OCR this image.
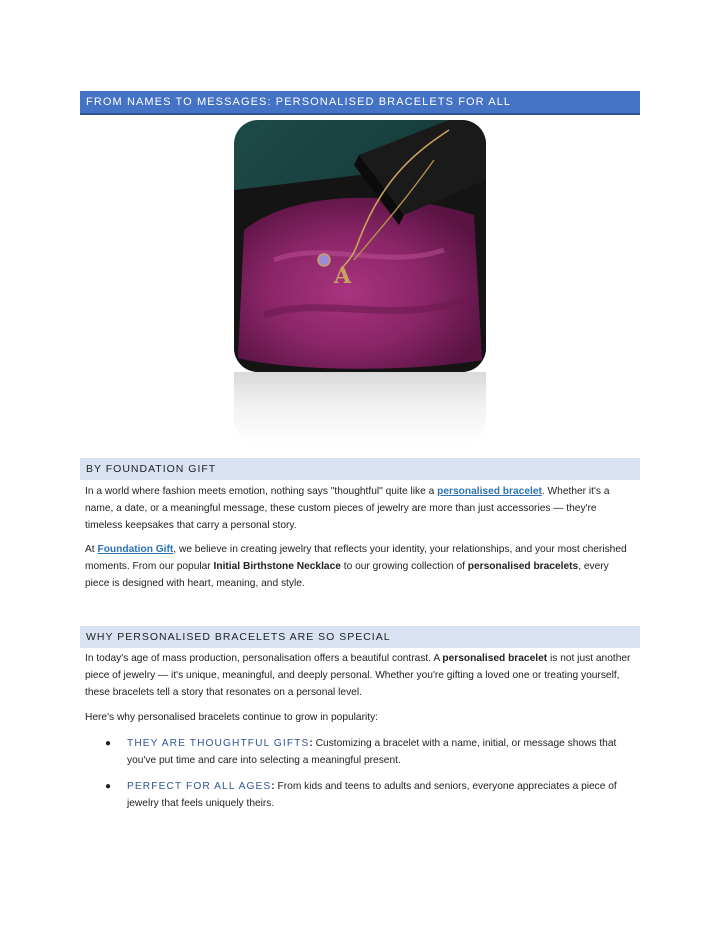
FROM NAMES TO MESSAGES: PERSONALISED BRACELETS FOR ALL
A
BY FOUNDATION GIFT

In a world where fashion meets emotion, nothing says "thoughtful" quite like a personalised bracelet. Whether it's a name, a date, or a meaningful message, these custom pieces of jewelry are more than just accessories — they're timeless keepsakes that carry a personal story.

At Foundation Gift, we believe in creating jewelry that reflects your identity, your relationships, and your most cherished moments. From our popular Initial Birthstone Necklace to our growing collection of personalised bracelets, every piece is designed with heart, meaning, and style.

WHY PERSONALISED BRACELETS ARE SO SPECIAL

In today's age of mass production, personalisation offers a beautiful contrast. A personalised bracelet is not just another piece of jewelry — it's unique, meaningful, and deeply personal. Whether you're gifting a loved one or treating yourself, these bracelets tell a story that resonates on a personal level.

Here's why personalised bracelets continue to grow in popularity:

●	THEY ARE THOUGHTFUL GIFTS: Customizing a bracelet with a name, initial, or message shows that you've put time and care into selecting a meaningful present.

●	PERFECT FOR ALL AGES: From kids and teens to adults and seniors, everyone appreciates a piece of jewelry that feels uniquely theirs.
